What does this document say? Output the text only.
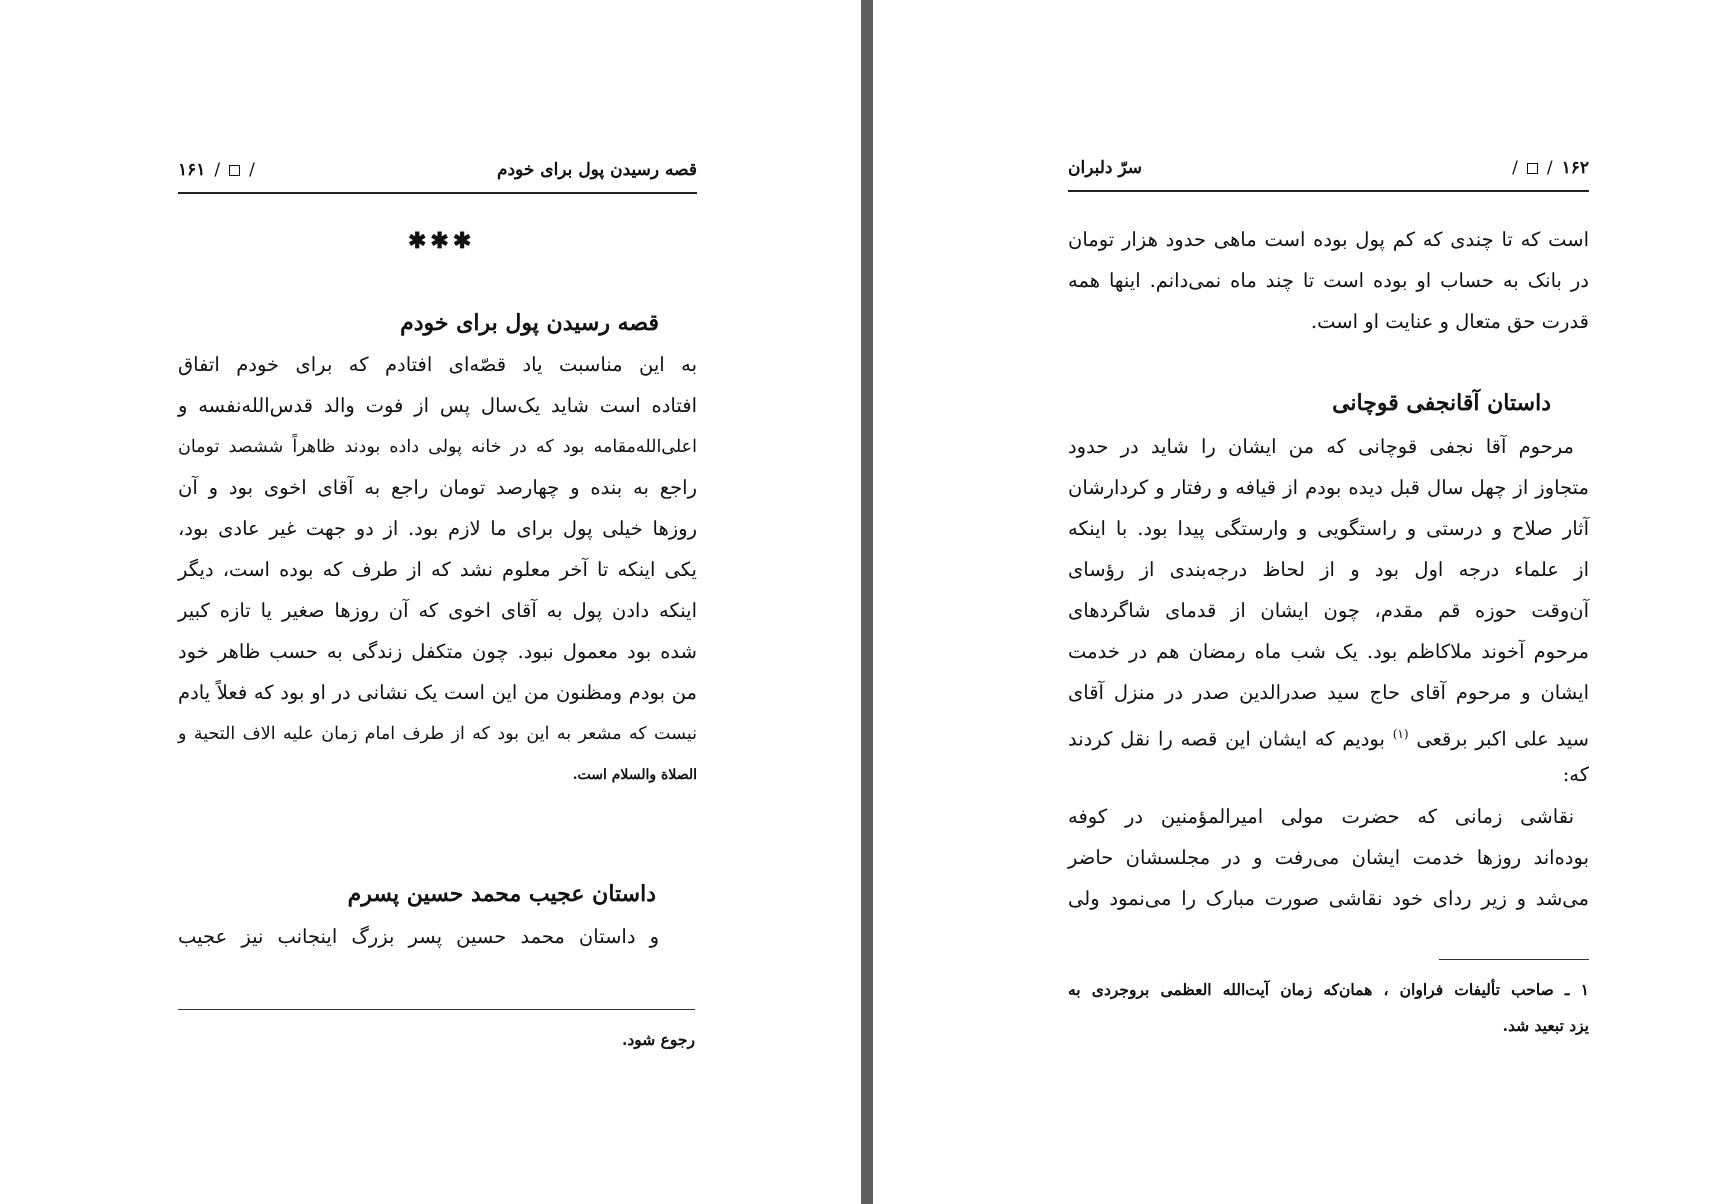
قصه رسیدن پول برای خودم
۱۶۱ / /
✱✱✱
قصه رسیدن پول برای خودم
به این مناسبت یاد قصّه‌ای افتادم که برای خودم اتفاق
افتاده است شاید یک‌سال پس از فوت والد قدس‌الله‌نفسه و
اعلی‌الله‌مقامه بود که در خانه پولی داده بودند ظاهراً ششصد تومان
راجع به بنده و چهارصد تومان راجع به آقای اخوی بود و آن
روزها خیلی پول برای ما لازم بود. از دو جهت غیر عادی بود،
یکی اینکه تا آخر معلوم نشد که از طرف که بوده است، دیگر
اینکه دادن پول به آقای اخوی که آن روزها صغیر یا تازه کبیر
شده بود معمول نبود. چون متکفل زندگی به حسب ظاهر خود
من بودم ومظنون من این است یک نشانی در او بود که فعلاً یادم
نیست که مشعر به این بود که از طرف امام زمان علیه الاف التحیة و
الصلاة والسلام است.
داستان عجیب محمد حسین پسرم
و داستان محمد حسین پسر بزرگ اینجانب نیز عجیب
رجوع شود.
سرّ دلبران	/ / ۱۶۲
است که تا چندی که کم پول بوده است ماهی حدود هزار تومان
در بانک به حساب او بوده است تا چند ماه نمی‌دانم. اینها همه
قدرت حق متعال و عنایت او است.
داستان آقانجفی قوچانی
مرحوم آقا نجفی قوچانی که من ایشان را شاید در حدود
متجاوز از چهل سال قبل دیده بودم از قیافه و رفتار و کردارشان
آثار صلاح و درستی و راستگویی و وارستگی پیدا بود. با اینکه
از علماء درجه اول بود و از لحاظ درجه‌بندی از رؤسای
آن‌وقت حوزه قم مقدم، چون ایشان از قدمای شاگردهای
مرحوم آخوند ملاکاظم بود. یک شب ماه رمضان هم در خدمت
ایشان و مرحوم آقای حاج سید صدرالدین صدر در منزل آقای
سید علی اکبر برقعی $^{(۱)}$ بودیم که ایشان این قصه را نقل کردند
که:
نقاشی زمانی که حضرت مولی امیرالمؤمنین در کوفه
بوده‌اند روزها خدمت ایشان می‌رفت و در مجلسشان حاضر
می‌شد و زیر ردای خود نقاشی صورت مبارک را می‌نمود ولی
۱ ـ صاحب تألیفات فراوان ، همان‌که زمان آیت‌الله العظمی بروجردی به
یزد تبعید شد.
